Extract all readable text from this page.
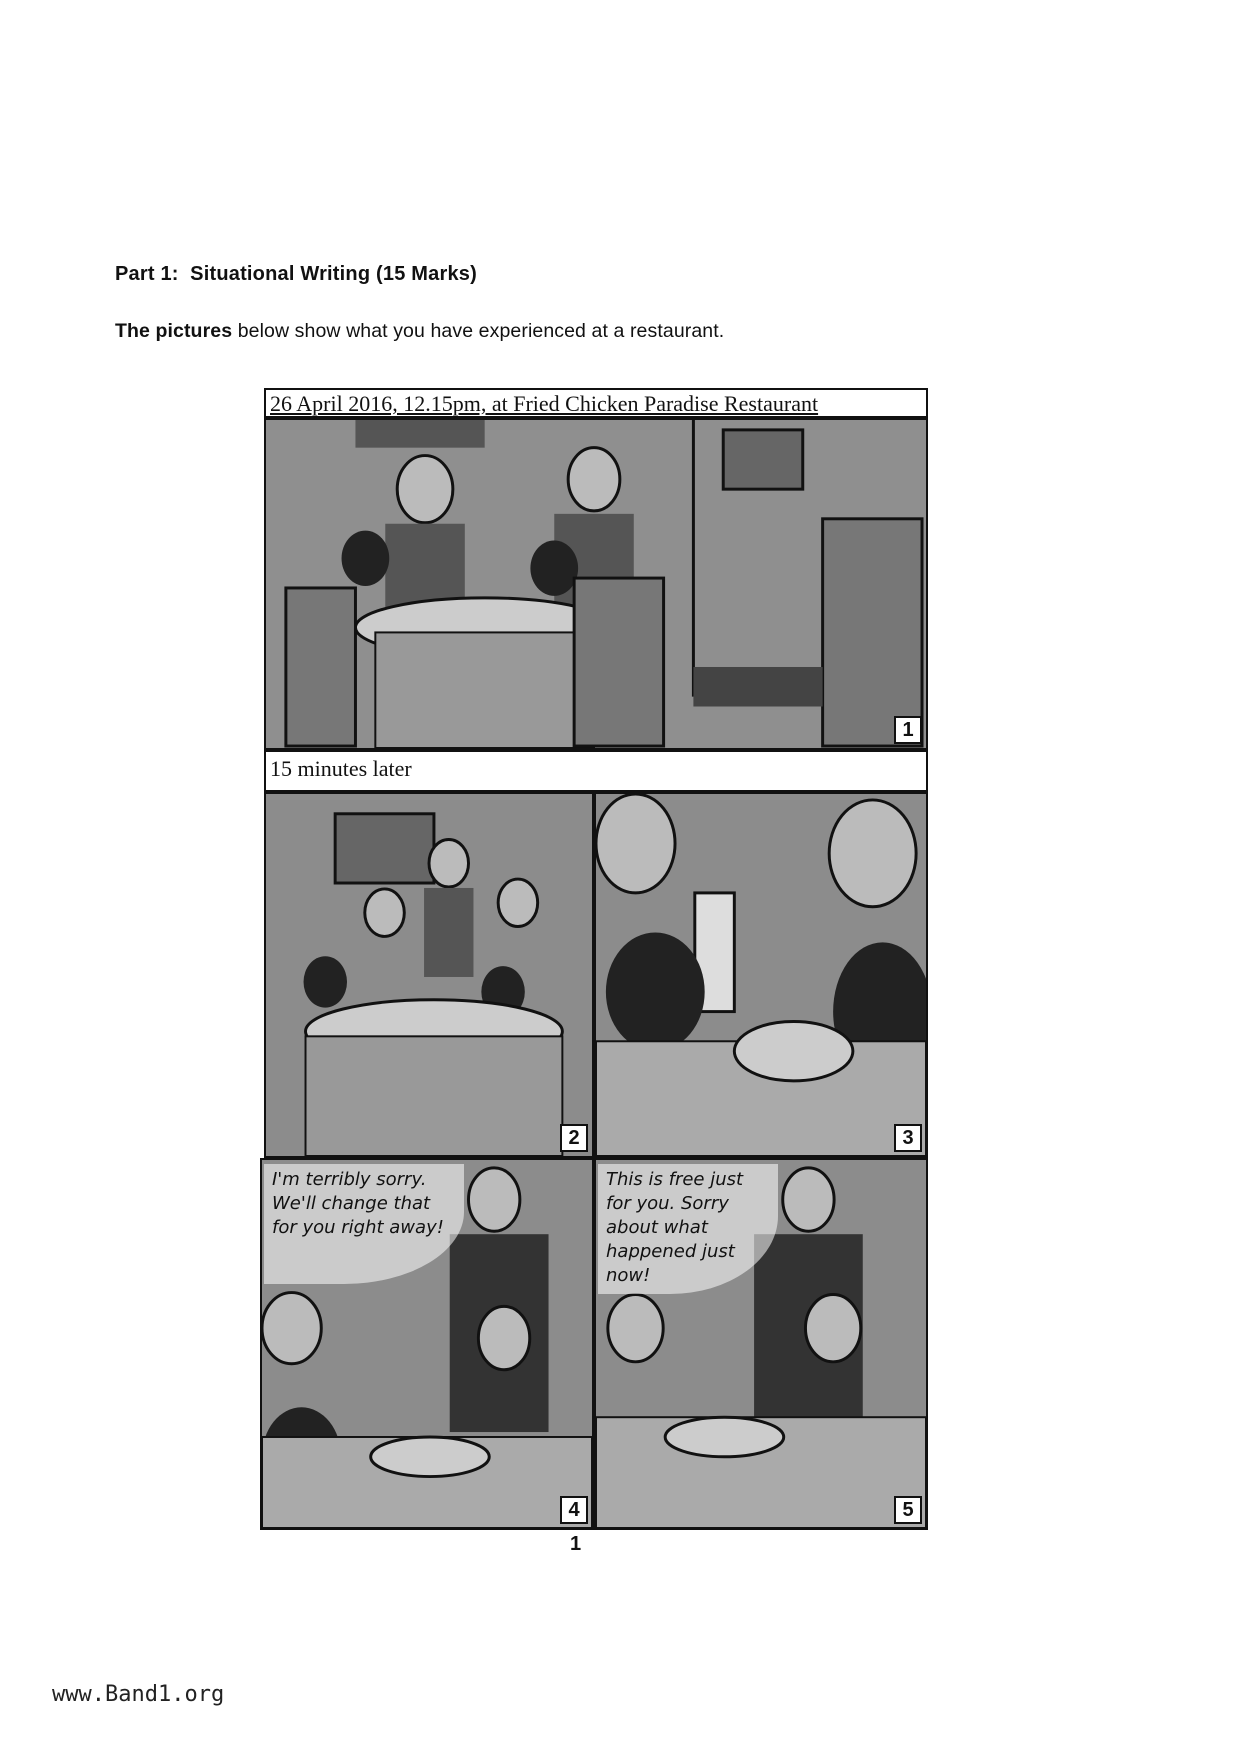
Part 1: Situational Writing (15 Marks)
The pictures below show what you have experienced at a restaurant.
26 April 2016, 12.15pm, at Fried Chicken Paradise Restaurant
1
15 minutes later
2	3
I'm terribly sorry. We'll change that for you right away!
4
This is free just for you. Sorry about what happened just now!
5
1
www.Band1.org
